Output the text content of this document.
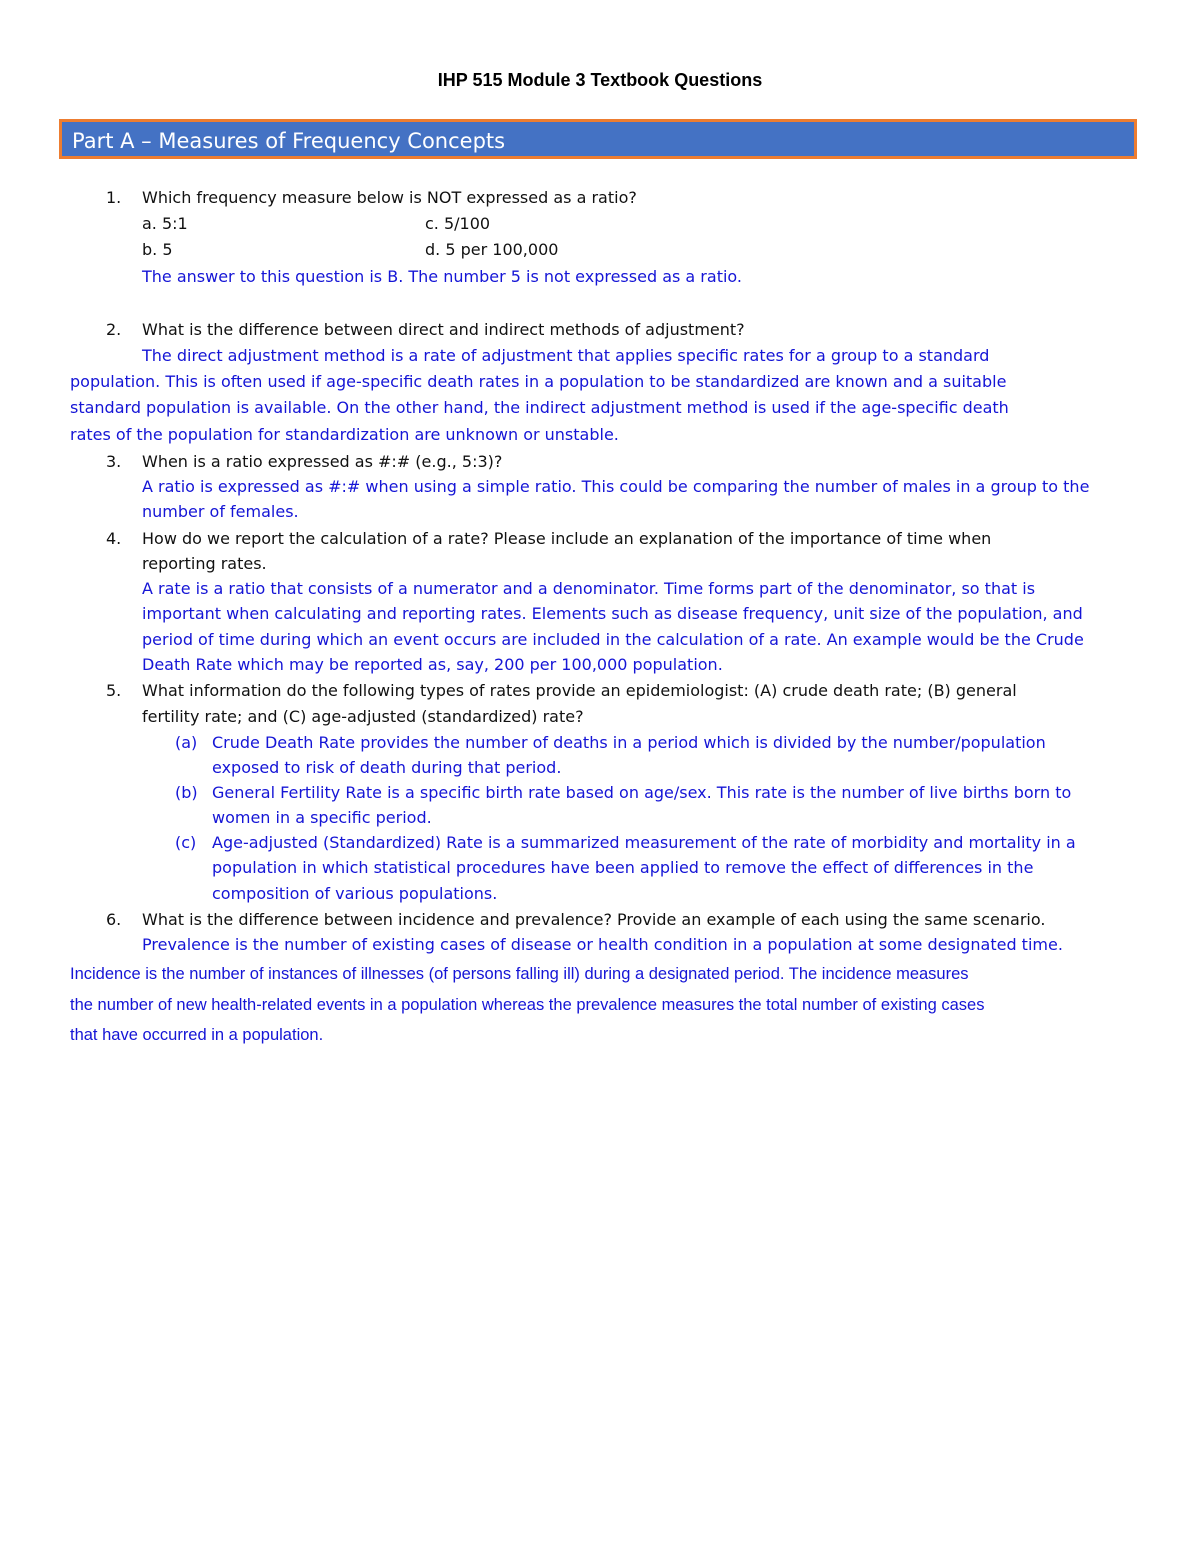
IHP 515 Module 3 Textbook Questions
Part A – Measures of Frequency Concepts
1.	Which frequency measure below is NOT expressed as a ratio?
a. 5:1	c. 5/100
b. 5	d. 5 per 100,000
The answer to this question is B. The number 5 is not expressed as a ratio.
2.	What is the difference between direct and indirect methods of adjustment?
The direct adjustment method is a rate of adjustment that applies specific rates for a group to a standard
population. This is often used if age-specific death rates in a population to be standardized are known and a suitable
standard population is available. On the other hand, the indirect adjustment method is used if the age-specific death
rates of the population for standardization are unknown or unstable.
3.	When is a ratio expressed as #:# (e.g., 5:3)?
A ratio is expressed as #:# when using a simple ratio. This could be comparing the number of males in a group to the
number of females.
4.	How do we report the calculation of a rate? Please include an explanation of the importance of time when
reporting rates.
A rate is a ratio that consists of a numerator and a denominator. Time forms part of the denominator, so that is
important when calculating and reporting rates. Elements such as disease frequency, unit size of the population, and
period of time during which an event occurs are included in the calculation of a rate. An example would be the Crude
Death Rate which may be reported as, say, 200 per 100,000 population.
5.	What information do the following types of rates provide an epidemiologist: (A) crude death rate; (B) general
fertility rate; and (C) age-adjusted (standardized) rate?
(a) Crude Death Rate provides the number of deaths in a period which is divided by the number/population
exposed to risk of death during that period.
(b) General Fertility Rate is a specific birth rate based on age/sex. This rate is the number of live births born to
women in a specific period.
(c) Age-adjusted (Standardized) Rate is a summarized measurement of the rate of morbidity and mortality in a
population in which statistical procedures have been applied to remove the effect of differences in the
composition of various populations.
6.	What is the difference between incidence and prevalence? Provide an example of each using the same scenario.
Prevalence is the number of existing cases of disease or health condition in a population at some designated time.
Incidence is the number of instances of illnesses (of persons falling ill) during a designated period. The incidence measures
the number of new health-related events in a population whereas the prevalence measures the total number of existing cases
that have occurred in a population.
